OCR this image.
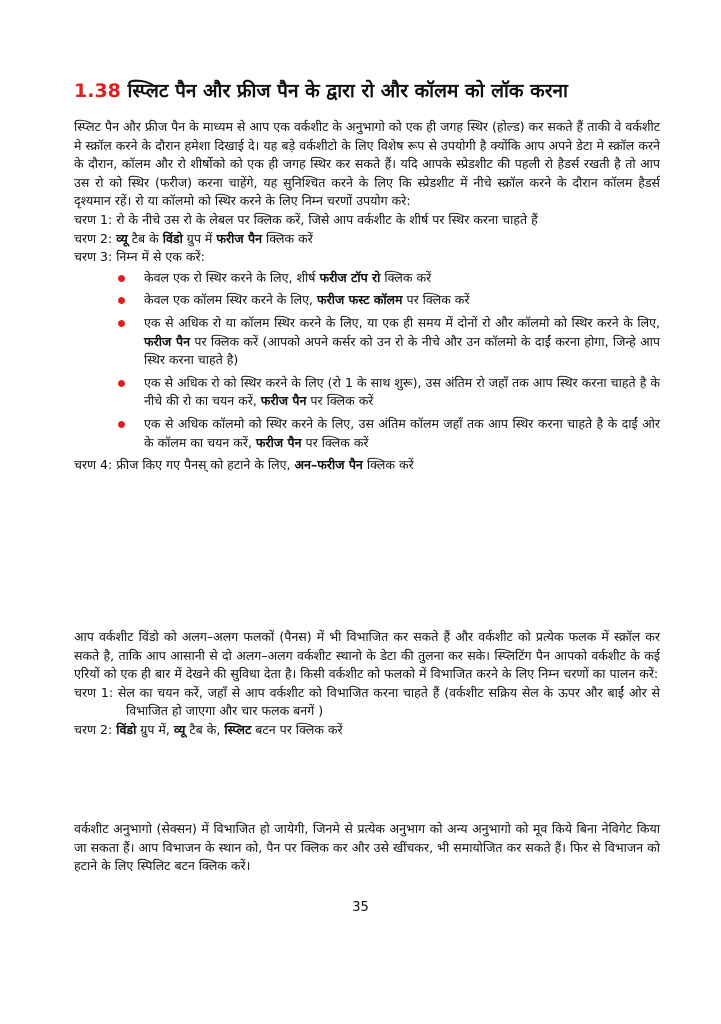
1.38 स्प्लिट पैन और फ्रीज पैन के द्वारा रो और कॉलम को लॉक करना
स्प्लिट पैन और फ्रीज पैन के माध्यम से आप एक वर्कशीट के अनुभागो को एक ही जगह स्थिर (होल्ड) कर सकते हैं ताकी वे वर्कशीट मे स्क्रॉल करने के दौरान हमेशा दिखाई दे। यह बड़े वर्कशीटो के लिए विशेष रूप से उपयोगी है क्योंकि आप अपने डेटा मे स्क्रॉल करने के दौरान, कॉलम और रो शीर्षोको को एक ही जगह स्थिर कर सकते हैं। यदि आपके स्प्रेडशीट की पहली रो हैडर्स रखती है तो आप उस रो को स्थिर (फरीज) करना चाहेंगे, यह सुनिश्चित करने के लिए कि स्प्रेडशीट में नीचे स्क्रॉल करने के दौरान कॉलम हैडर्स दृश्यमान रहें। रो या कॉलमो को स्थिर करने के लिए निम्न चरणों उपयोग करे:
चरण 1: रो के नीचे उस रो के लेबल पर क्लिक करें, जिसे आप वर्कशीट के शीर्ष पर स्थिर करना चाहते हैं
चरण 2: व्यू टैब के विंडो ग्रुप में फरीज पैन क्लिक करें
चरण 3: निम्न में से एक करें:
केवल एक रो स्थिर करने के लिए, शीर्ष फरीज टॉप रो क्लिक करें
केवल एक कॉलम स्थिर करने के लिए, फरीज फस्ट कॉलम पर क्लिक करें
एक से अधिक रो या कॉलम स्थिर करने के लिए, या एक ही समय में दोनों रो और कॉलमो को स्थिर करने के लिए, फरीज पैन पर क्लिक करें (आपको अपने कर्सर को उन रो के नीचे और उन कॉलमो के दाईं करना होगा, जिन्हे आप स्थिर करना चाहते है)
एक से अधिक रो को स्थिर करने के लिए (रो 1 के साथ शुरू), उस अंतिम रो जहाँ तक आप स्थिर करना चाहते है के नीचे की रो का चयन करें, फरीज पैन पर क्लिक करें
एक से अधिक कॉलमो को स्थिर करने के लिए, उस अंतिम कॉलम जहाँ तक आप स्थिर करना चाहते है के दाईं ओर के कॉलम का चयन करें, फरीज पैन पर क्लिक करें
चरण 4: फ्रीज किए गए पैनस् को हटाने के लिए, अन–फरीज पैन क्लिक करें
आप वर्कशीट विंडो को अलग–अलग फलकों (पैनस) में भी विभाजित कर सकते हैं और वर्कशीट को प्रत्येक फलक में स्क्रॉल कर सकते है, ताकि आप आसानी से दो अलग–अलग वर्कशीट स्थानो के डेटा की तुलना कर सके। स्प्लिटिंग पैन आपको वर्कशीट के कई एरियों को एक ही बार में देखने की सुविधा देता है। किसी वर्कशीट को फलको में विभाजित करने के लिए निम्न चरणों का पालन करें:
चरण 1: सेल का चयन करें, जहाँ से आप वर्कशीट को विभाजित करना चाहते हैं (वर्कशीट सक्रिय सेल के ऊपर और बाईं ओर से विभाजित हो जाएगा और चार फलक बनगें )
चरण 2: विंडो ग्रुप में, व्यू टैब के, स्प्लिट बटन पर क्लिक करें
वर्कशीट अनुभागो (सेक्सन) में विभाजित हो जायेगी, जिनमे से प्रत्येक अनुभाग को अन्य अनुभागो को मूव किये बिना नेविगेट किया जा सकता हैं। आप विभाजन के स्थान को, पैन पर क्लिक कर और उसे खींचकर, भी समायोजित कर सकते हैं। फिर से विभाजन को हटाने के लिए स्पिलिट बटन क्लिक करें।
35
